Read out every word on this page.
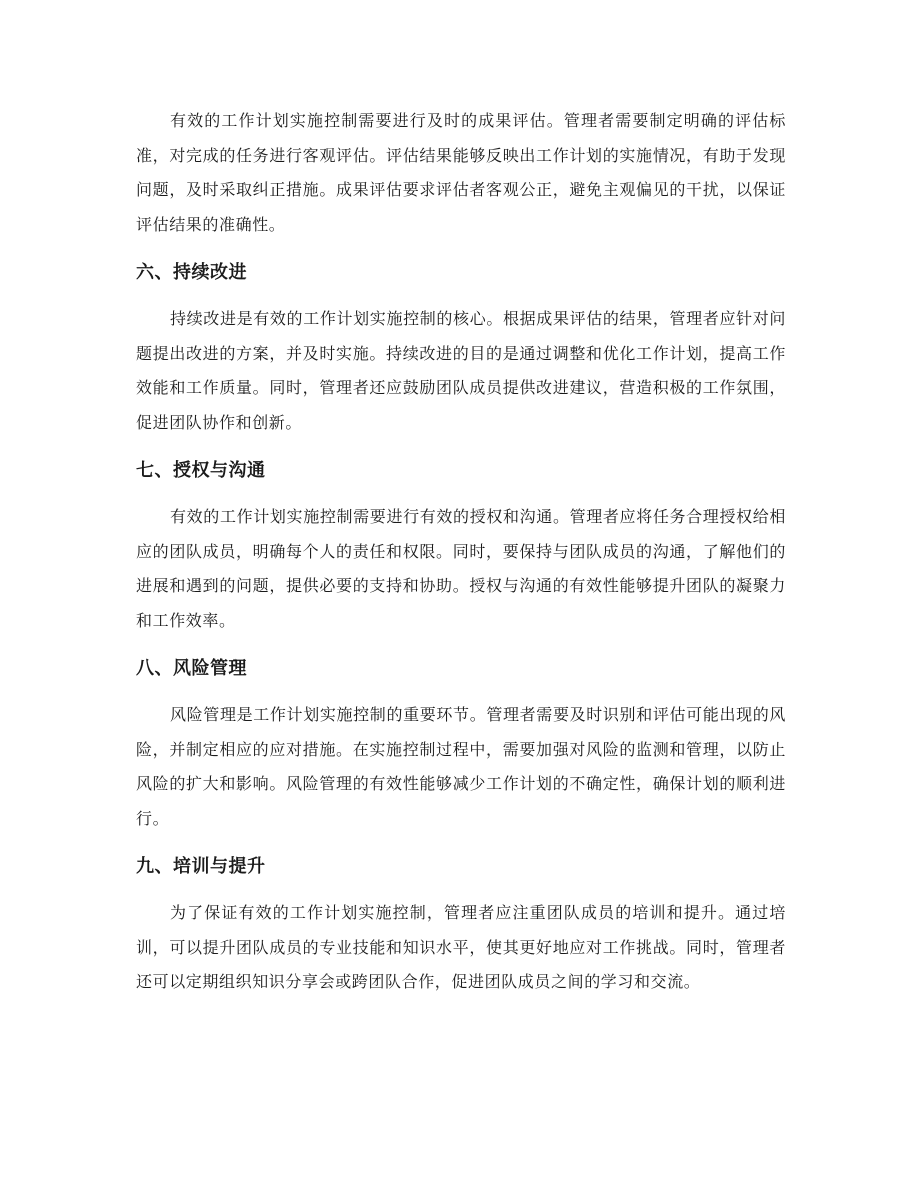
有效的工作计划实施控制需要进行及时的成果评估。管理者需要制定明确的评估标准，对完成的任务进行客观评估。评估结果能够反映出工作计划的实施情况，有助于发现问题，及时采取纠正措施。成果评估要求评估者客观公正，避免主观偏见的干扰，以保证评估结果的准确性。

六、持续改进

持续改进是有效的工作计划实施控制的核心。根据成果评估的结果，管理者应针对问题提出改进的方案，并及时实施。持续改进的目的是通过调整和优化工作计划，提高工作效能和工作质量。同时，管理者还应鼓励团队成员提供改进建议，营造积极的工作氛围，促进团队协作和创新。

七、授权与沟通

有效的工作计划实施控制需要进行有效的授权和沟通。管理者应将任务合理授权给相应的团队成员，明确每个人的责任和权限。同时，要保持与团队成员的沟通，了解他们的进展和遇到的问题，提供必要的支持和协助。授权与沟通的有效性能够提升团队的凝聚力和工作效率。

八、风险管理

风险管理是工作计划实施控制的重要环节。管理者需要及时识别和评估可能出现的风险，并制定相应的应对措施。在实施控制过程中，需要加强对风险的监测和管理，以防止风险的扩大和影响。风险管理的有效性能够减少工作计划的不确定性，确保计划的顺利进行。

九、培训与提升

为了保证有效的工作计划实施控制，管理者应注重团队成员的培训和提升。通过培训，可以提升团队成员的专业技能和知识水平，使其更好地应对工作挑战。同时，管理者还可以定期组织知识分享会或跨团队合作，促进团队成员之间的学习和交流。
